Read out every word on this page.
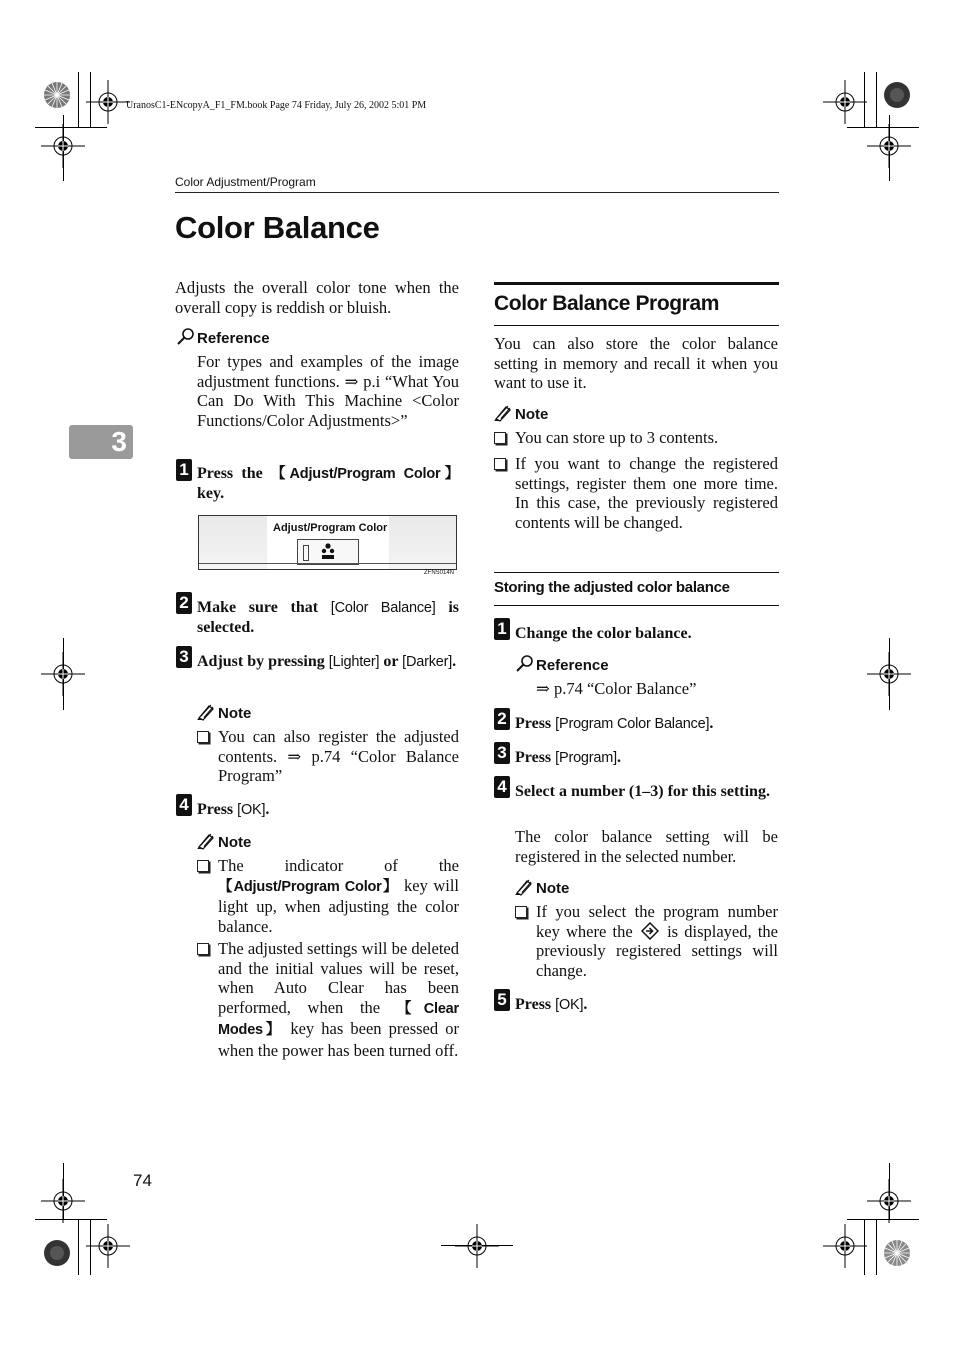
UranosC1-ENcopyA_F1_FM.book Page 74 Friday, July 26, 2002 5:01 PM
Color Adjustment/Program
3
Color Balance
Adjusts the overall color tone when the overall copy is reddish or bluish.
Reference
For types and examples of the image adjustment functions. ⇒ p.i “What You Can Do With This Machine <Color Functions/Color Adjustments>”
1 Press the 【Adjust/Program Color】 key.
Adjust/Program Color
ZFNS014N
2 Make sure that [Color Balance] is selected.
3 Adjust by pressing [Lighter] or [Darker].
Note
You can also register the adjusted contents. ⇒ p.74 “Color Balance Program”
4 Press [OK].
Note
The indicator of the 【Adjust/Program Color】 key will light up, when adjusting the color balance.
The adjusted settings will be deleted and the initial values will be reset, when Auto Clear has been performed, when the 【Clear Modes】 key has been pressed or when the power has been turned off.
Color Balance Program
You can also store the color balance setting in memory and recall it when you want to use it.
Note
You can store up to 3 contents.
If you want to change the registered settings, register them one more time. In this case, the previously registered contents will be changed.
Storing the adjusted color balance
1 Change the color balance.
Reference
⇒ p.74 “Color Balance”
2 Press [Program Color Balance].
3 Press [Program].
4 Select a number (1–3) for this setting.
The color balance setting will be registered in the selected number.
Note
If you select the program number key where the  is displayed, the previously registered settings will change.
5 Press [OK].
74
